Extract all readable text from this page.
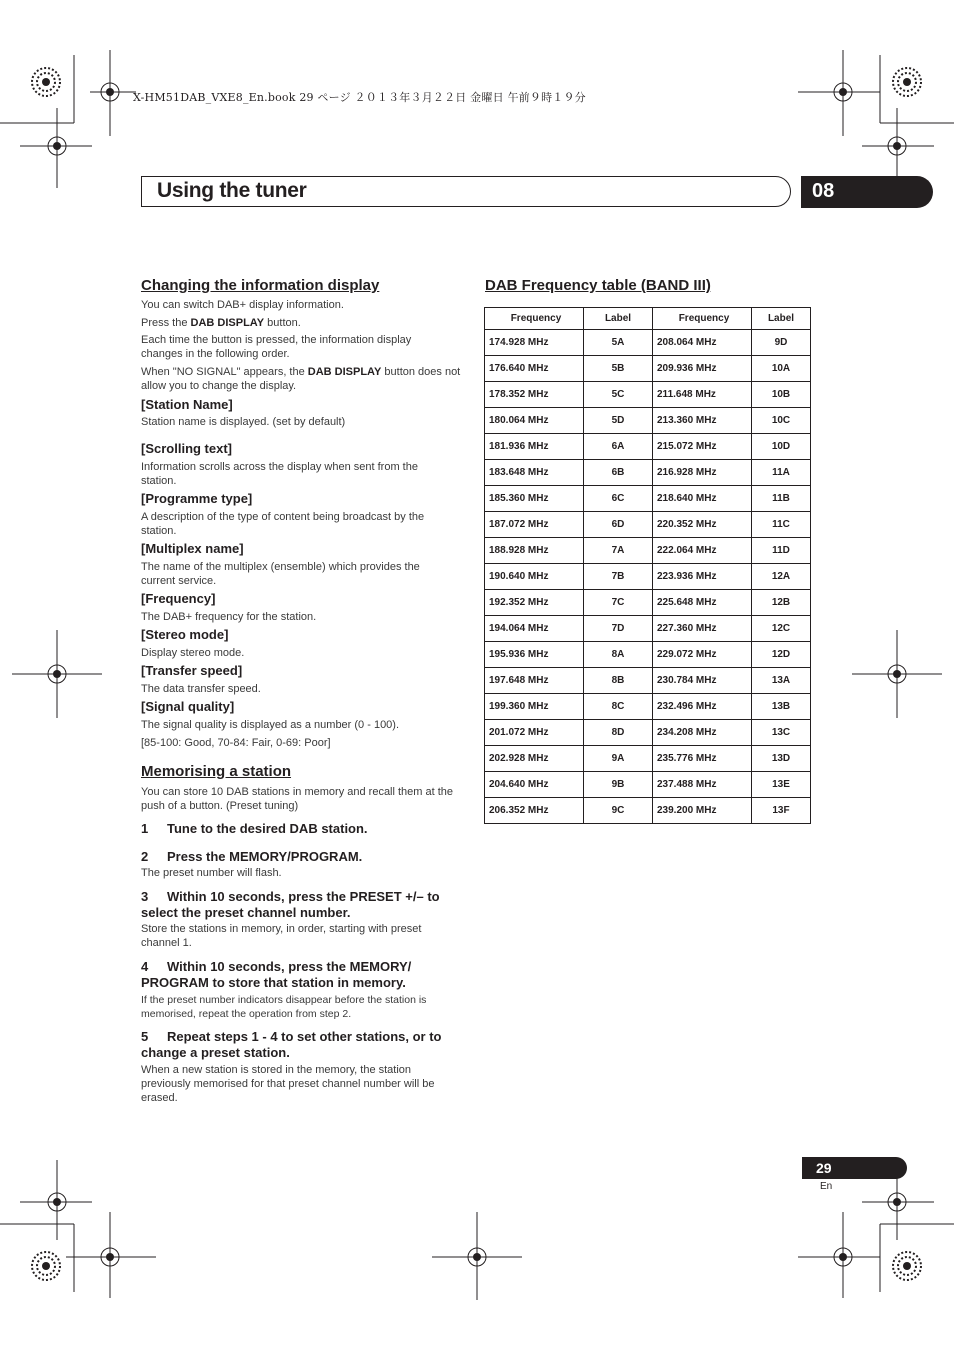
X-HM51DAB_VXE8_En.book 29 ページ ２０１３年３月２２日 金曜日 午前９時１９分
Using the tuner	08
Changing the information display
You can switch DAB+ display information.
Press the DAB DISPLAY button.
Each time the button is pressed, the information display changes in the following order.
When "NO SIGNAL" appears, the DAB DISPLAY button does not allow you to change the display.
[Station Name]
Station name is displayed. (set by default)
[Scrolling text]
Information scrolls across the display when sent from the station.
[Programme type]
A description of the type of content being broadcast by the station.
[Multiplex name]
The name of the multiplex (ensemble) which provides the current service.
[Frequency]
The DAB+ frequency for the station.
[Stereo mode]
Display stereo mode.
[Transfer speed]
The data transfer speed.
[Signal quality]
The signal quality is displayed as a number (0 - 100).
[85-100: Good, 70-84: Fair, 0-69: Poor]
Memorising a station
You can store 10 DAB stations in memory and recall them at the push of a button. (Preset tuning)
1 Tune to the desired DAB station.
2 Press the MEMORY/PROGRAM.
The preset number will flash.
3 Within 10 seconds, press the PRESET +/– to select the preset channel number.
Store the stations in memory, in order, starting with preset channel 1.
4 Within 10 seconds, press the MEMORY/ PROGRAM to store that station in memory.
If the preset number indicators disappear before the station is memorised, repeat the operation from step 2.
5 Repeat steps 1 - 4 to set other stations, or to change a preset station.
When a new station is stored in the memory, the station previously memorised for that preset channel number will be erased.
DAB Frequency table (BAND III)
Frequency	Label	Frequency	Label
174.928 MHz	5A	208.064 MHz	9D
176.640 MHz	5B	209.936 MHz	10A
178.352 MHz	5C	211.648 MHz	10B
180.064 MHz	5D	213.360 MHz	10C
181.936 MHz	6A	215.072 MHz	10D
183.648 MHz	6B	216.928 MHz	11A
185.360 MHz	6C	218.640 MHz	11B
187.072 MHz	6D	220.352 MHz	11C
188.928 MHz	7A	222.064 MHz	11D
190.640 MHz	7B	223.936 MHz	12A
192.352 MHz	7C	225.648 MHz	12B
194.064 MHz	7D	227.360 MHz	12C
195.936 MHz	8A	229.072 MHz	12D
197.648 MHz	8B	230.784 MHz	13A
199.360 MHz	8C	232.496 MHz	13B
201.072 MHz	8D	234.208 MHz	13C
202.928 MHz	9A	235.776 MHz	13D
204.640 MHz	9B	237.488 MHz	13E
206.352 MHz	9C	239.200 MHz	13F
29
En
